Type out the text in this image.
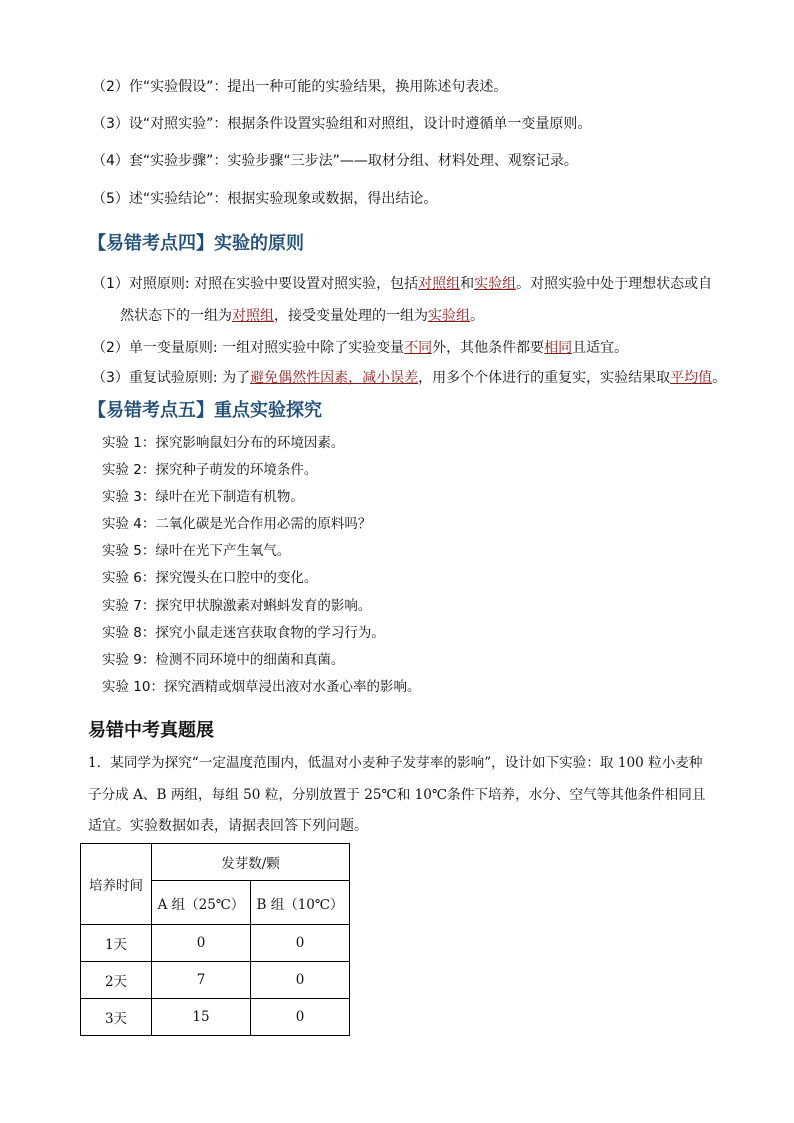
（2）作“实验假设”：提出一种可能的实验结果，换用陈述句表述。
（3）设“对照实验”：根据条件设置实验组和对照组，设计时遵循单一变量原则。
（4）套“实验步骤”：实验步骤“三步法”——取材分组、材料处理、观察记录。
（5）述“实验结论”：根据实验现象或数据，得出结论。
【易错考点四】实验的原则
（1）对照原则: 对照在实验中要设置对照实验，包括对照组和实验组。对照实验中处于理想状态或自
然状态下的一组为对照组，接受变量处理的一组为实验组。
（2）单一变量原则: 一组对照实验中除了实验变量不同外，其他条件都要相同且适宜。
（3）重复试验原则: 为了避免偶然性因素，减小误差，用多个个体进行的重复实，实验结果取平均值。
【易错考点五】重点实验探究
实验 1：探究影响鼠妇分布的环境因素。
实验 2：探究种子萌发的环境条件。
实验 3：绿叶在光下制造有机物。
实验 4：二氧化碳是光合作用必需的原料吗？
实验 5：绿叶在光下产生氧气。
实验 6：探究馒头在口腔中的变化。
实验 7：探究甲状腺激素对蝌蚪发育的影响。
实验 8：探究小鼠走迷宫获取食物的学习行为。
实验 9：检测不同环境中的细菌和真菌。
实验 10：探究酒精或烟草浸出液对水蚤心率的影响。
易错中考真题展
1．某同学为探究“一定温度范围内，低温对小麦种子发芽率的影响”，设计如下实验：取 100 粒小麦种
子分成 A、B 两组，每组 50 粒，分别放置于 25℃和 10℃条件下培养，水分、空气等其他条件相同且
适宜。实验数据如表，请据表回答下列问题。
培养时间	发芽数/颗	
	A 组（25℃）	B 组（10℃）
1天	0	0
2天	7	0
3天	15	0
